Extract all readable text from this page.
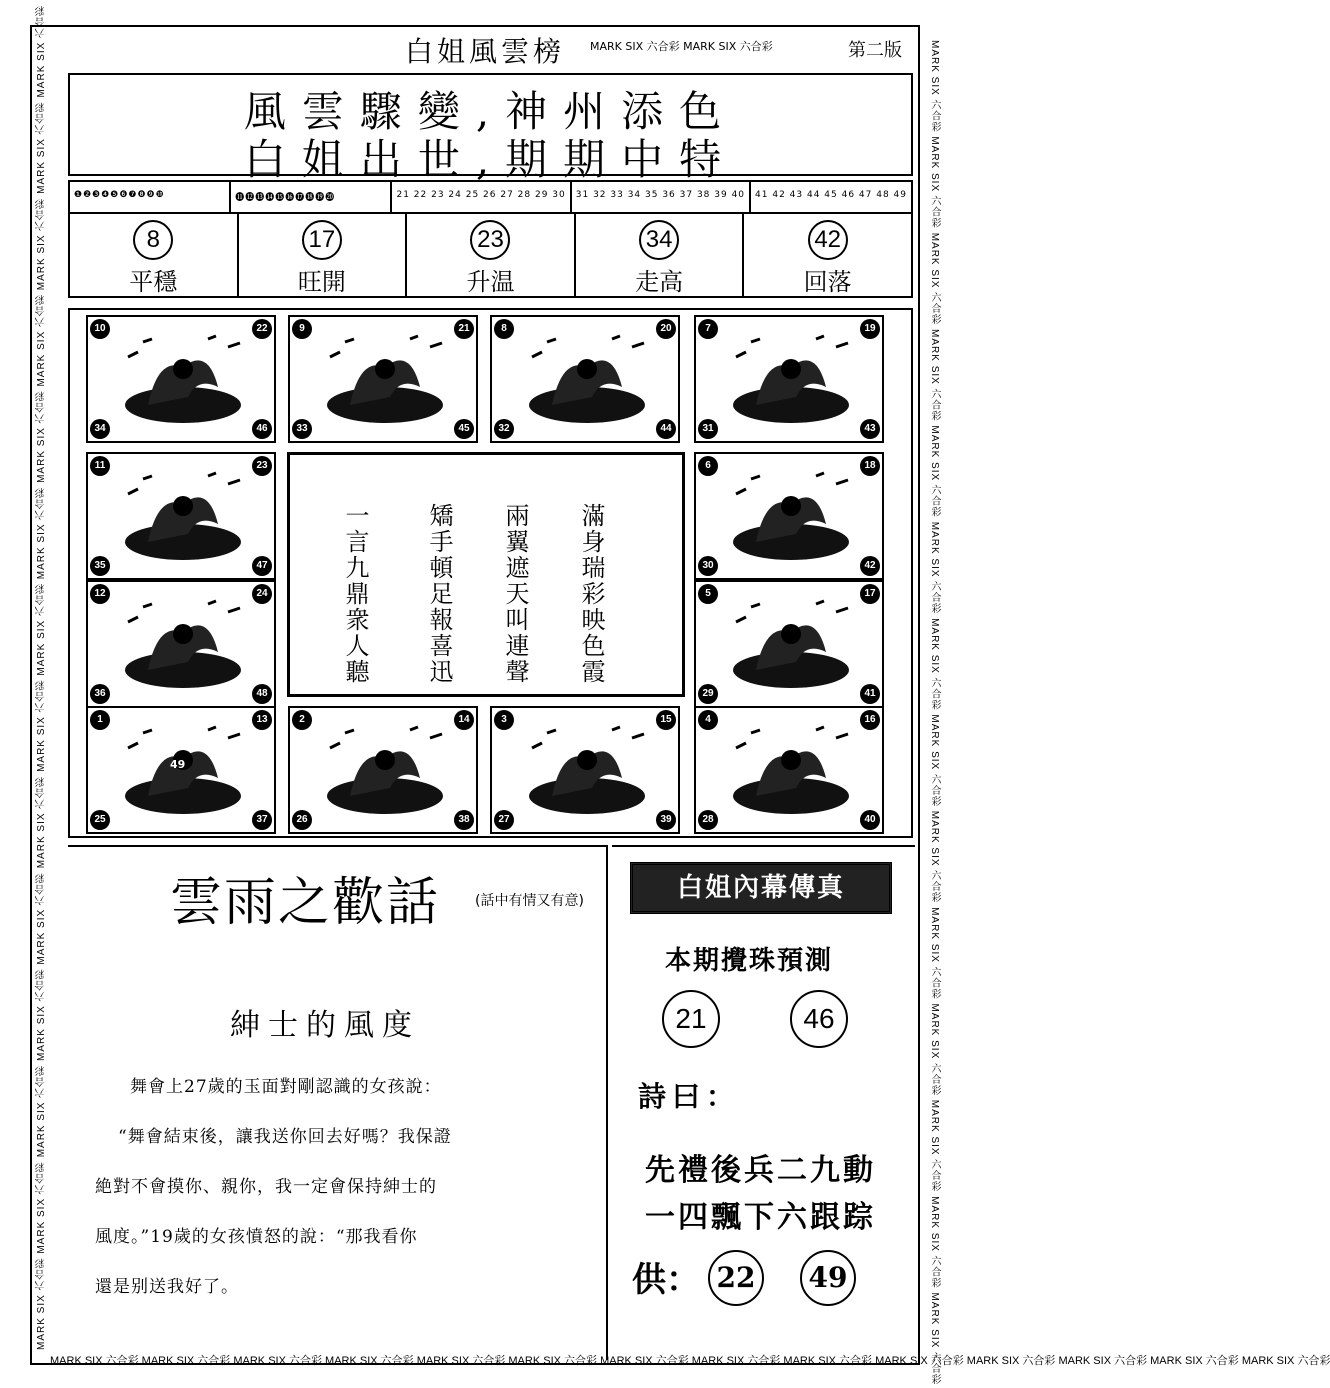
MARK SIX 六合彩 MARK SIX 六合彩 MARK SIX 六合彩 MARK SIX 六合彩 MARK SIX 六合彩 MARK SIX 六合彩 MARK SIX 六合彩 MARK SIX 六合彩 MARK SIX 六合彩 MARK SIX 六合彩 MARK SIX 六合彩 MARK SIX 六合彩 MARK SIX 六合彩 MARK SIX 六合彩	MARK SIX 六合彩 MARK SIX 六合彩 MARK SIX 六合彩 MARK SIX 六合彩 MARK SIX 六合彩 MARK SIX 六合彩 MARK SIX 六合彩 MARK SIX 六合彩 MARK SIX 六合彩 MARK SIX 六合彩 MARK SIX 六合彩 MARK SIX 六合彩 MARK SIX 六合彩 MARK SIX 六合彩
MARK SIX 六合彩 MARK SIX 六合彩 MARK SIX 六合彩 MARK SIX 六合彩 MARK SIX 六合彩 MARK SIX 六合彩 MARK SIX 六合彩 MARK SIX 六合彩 MARK SIX 六合彩 MARK SIX 六合彩 MARK SIX 六合彩 MARK SIX 六合彩 MARK SIX 六合彩 MARK SIX 六合彩
白姐風雲榜 MARK SIX 六合彩 MARK SIX 六合彩	第二版
風雲驟變,神州添色
白姐出世,期期中特
❶❷❸❹❺❻❼❽❾❿	⓫⓬⓭⓮⓯⓰⓱⓲⓳⓴	21 22 23 24 25 26 27 28 29 30	31 32 33 34 35 36 37 38 39 40	41 42 43 44 45 46 47 48 49
8
平穩
17
旺開
23
升温
34
走高
42
回落
10	22
34	46
9	21
33	45
8	20
32	44
7	19
31	43
11	23
35	47
6	18
30	42
12	24
36	48
5	17
29	41
1	13
25	37
49
2	14
26	38
3	15
27	39
4	16
28	40
滿身瑞彩映色霞
兩翼遮天叫連聲
矯手頓足報喜迅
一言九鼎衆人聽
雲雨之歡話 (話中有情又有意)
紳士的風度
舞會上27歲的玉面對剛認識的女孩說：
“舞會結束後，讓我送你回去好嗎？我保證
絶對不會摸你、親你，我一定會保持紳士的
風度。”19歲的女孩憤怒的說：“那我看你
還是别送我好了。
白姐內幕傳真
本期攪珠預測
21	46
詩曰：
先禮後兵二九動
一四飄下六跟踪
供： 22	49
